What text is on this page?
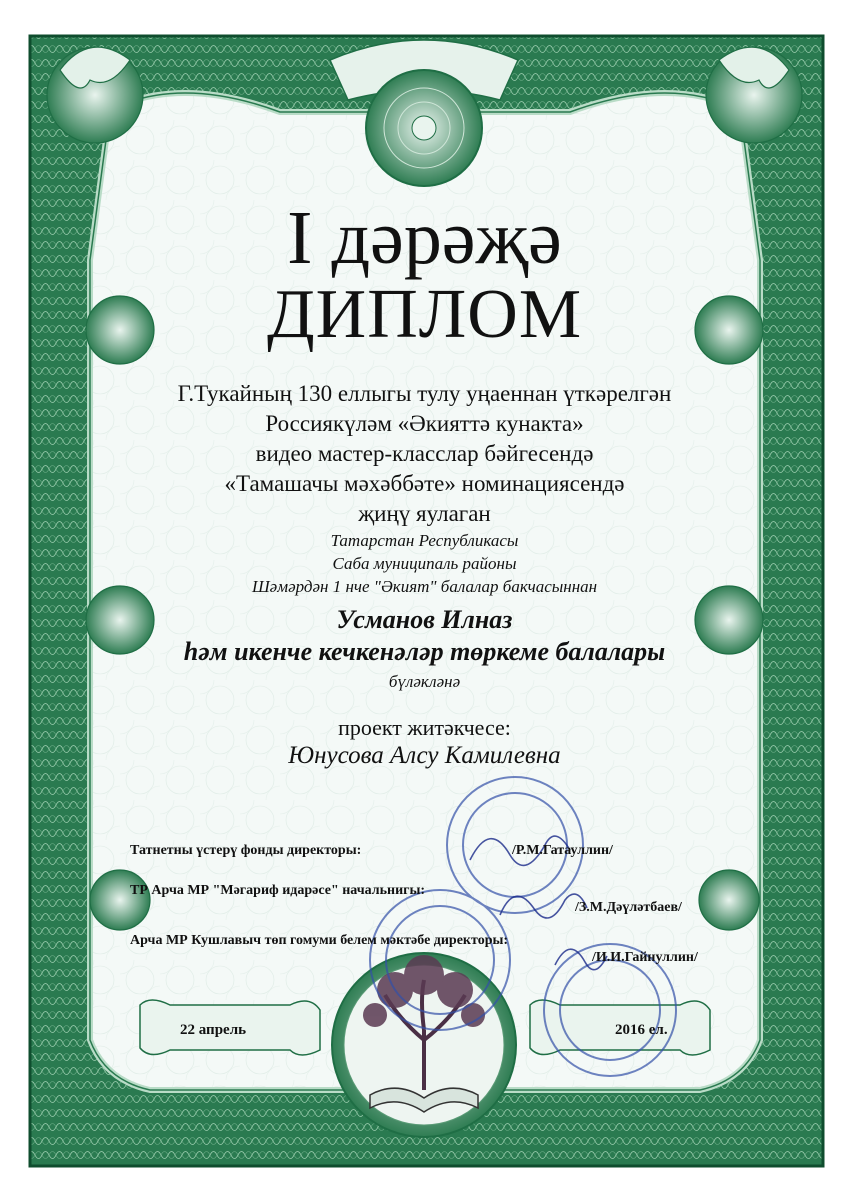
I дәрәҗә
ДИПЛОМ
Г.Тукайның 130 еллыгы тулу уңаеннан үткәрелгән
Россиякүләм «Әкияттә кунакта»
видео мастер-класслар бәйгесендә
«Тамашачы мәхәббәте» номинациясендә
җиңү яулаган
Татарстан Республикасы
Саба муниципаль районы
Шәмәрдән 1 нче "Әкият" балалар бакчасыннан
Усманов Илназ
һәм икенче кечкенәләр төркеме балалары
бүләкләнә
проект житәкчесе:
Юнусова Алсу Камилевна
Татнетны үстерү фонды директоры:	/Р.М.Гатауллин/
ТР Арча МР "Мәгариф идарәсе" начальнигы:
/З.М.Дәүләтбаев/
Арча МР Кушлавыч төп гомуми белем мәктәбе директоры:
/И.И.Гайнуллин/
22 апрель	2016 ел.
